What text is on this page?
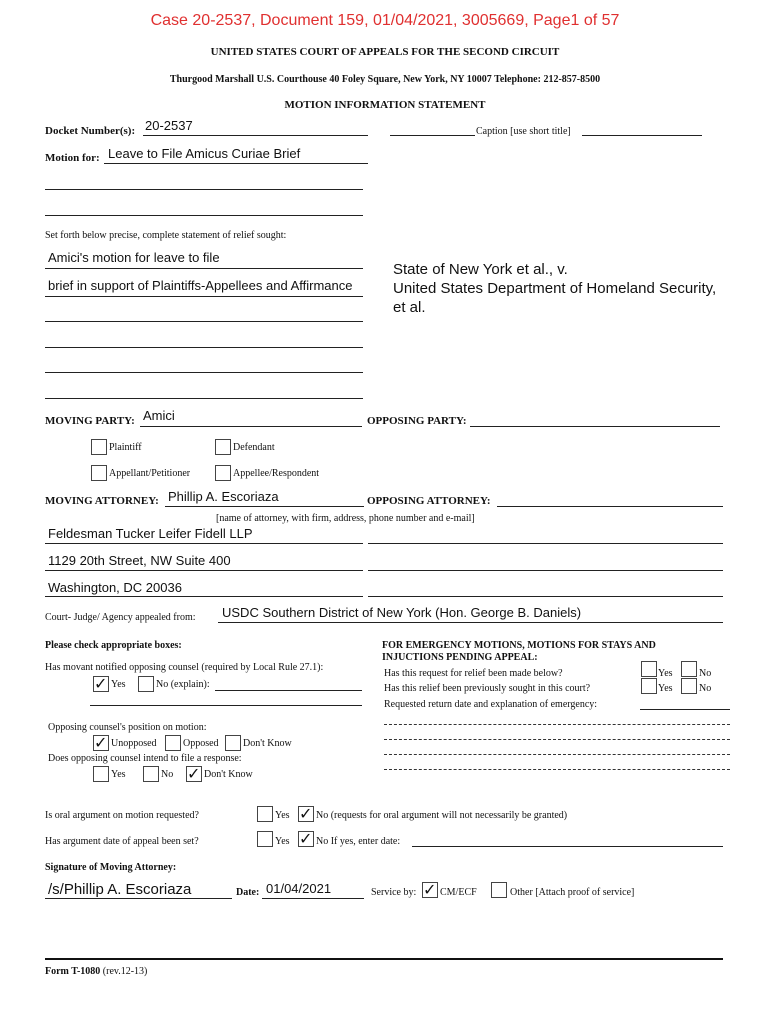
Case 20-2537, Document 159, 01/04/2021, 3005669, Page1 of 57
UNITED STATES COURT OF APPEALS FOR THE SECOND CIRCUIT
Thurgood Marshall U.S. Courthouse 40 Foley Square, New York, NY 10007 Telephone: 212-857-8500
MOTION INFORMATION STATEMENT
Docket Number(s): 20-2537	Caption [use short title]
Motion for: Leave to File Amicus Curiae Brief
Set forth below precise, complete statement of relief sought:
Amici's motion for leave to file
brief in support of Plaintiffs-Appellees and Affirmance
State of New York et al., v.
United States Department of Homeland Security,
et al.
MOVING PARTY: Amici	OPPOSING PARTY:
Plaintiff	Defendant
Appellant/Petitioner	Appellee/Respondent
MOVING ATTORNEY: Phillip A. Escoriaza	OPPOSING ATTORNEY:
[name of attorney, with firm, address, phone number and e-mail]
Feldesman Tucker Leifer Fidell LLP
1129 20th Street, NW Suite 400
Washington, DC 20036
Court- Judge/ Agency appealed from: USDC Southern District of New York (Hon. George B. Daniels)
Please check appropriate boxes:
Has movant notified opposing counsel (required by Local Rule 27.1):
✓ Yes	No (explain):
Opposing counsel's position on motion:
✓ Unopposed	Opposed Don't Know
Does opposing counsel intend to file a response:
Yes	No ✓ Don't Know
FOR EMERGENCY MOTIONS, MOTIONS FOR STAYS AND
INJUCTIONS PENDING APPEAL:
Has this request for relief been made below?	Yes	No
Has this relief been previously sought in this court?	Yes	No
Requested return date and explanation of emergency:
Is oral argument on motion requested?	Yes ✓ No (requests for oral argument will not necessarily be granted)
Has argument date of appeal been set?	Yes ✓ No If yes, enter date:
Signature of Moving Attorney:
/s/Phillip A. Escoriaza	Date: 01/04/2021	Service by: ✓ CM/ECF	Other [Attach proof of service]
Form T-1080 (rev.12-13)
